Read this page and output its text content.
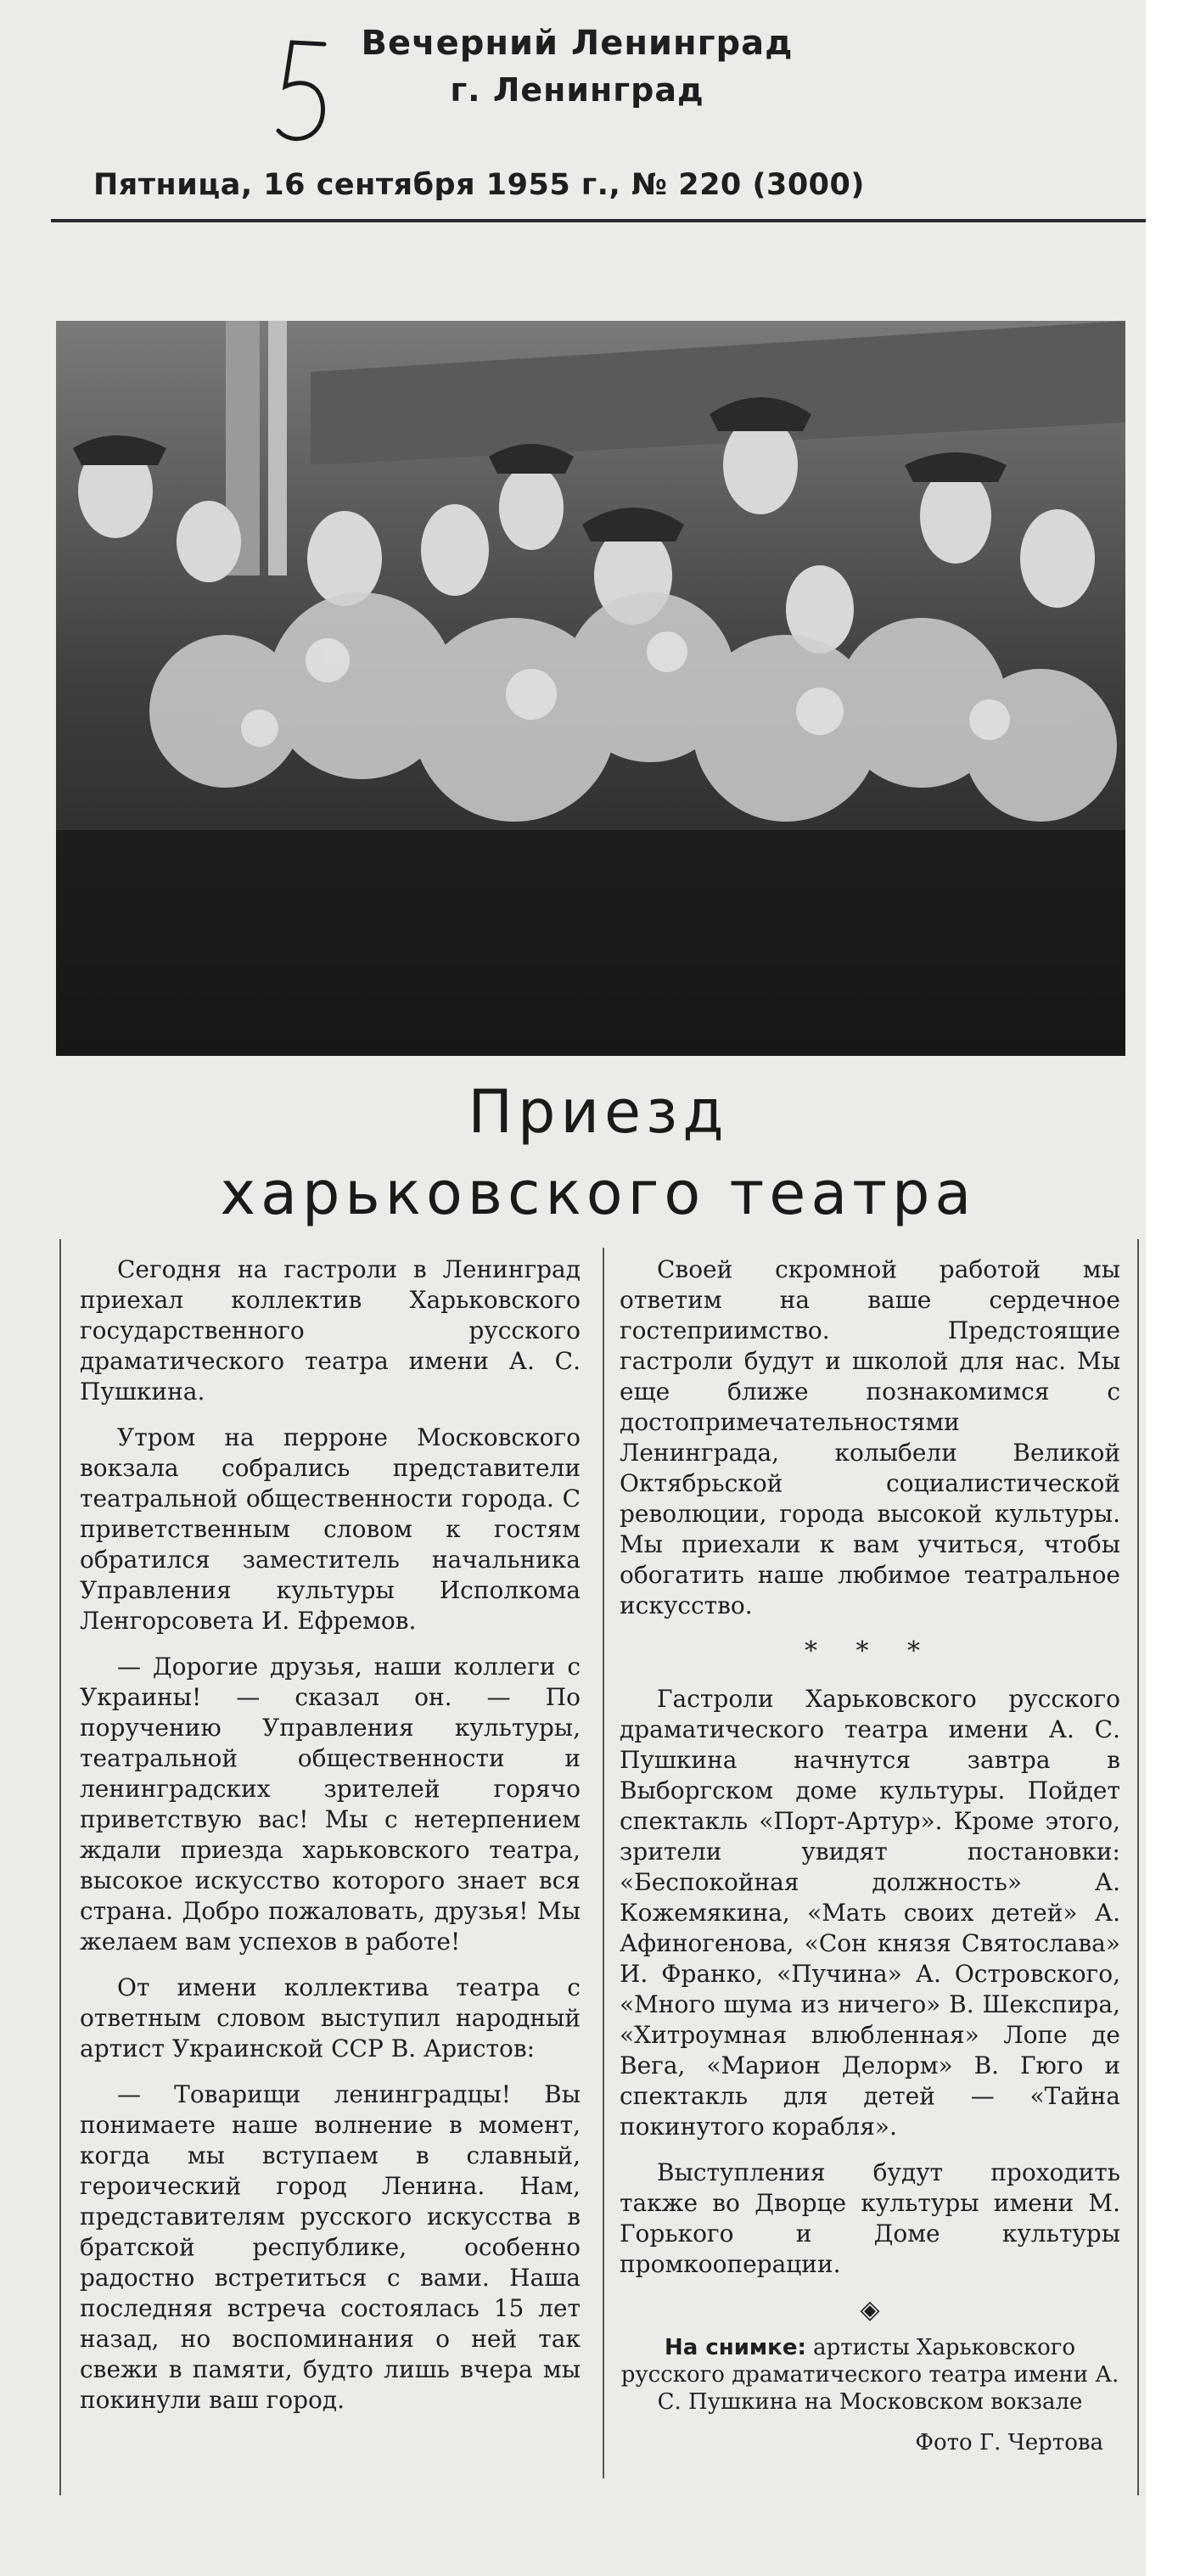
Вечерний Ленинград
г. Ленинград
Пятница, 16 сентября 1955 г., № 220 (3000)
Приезд
харьковского театра

Сегодня на гастроли в Ленинград приехал коллектив Харьковского государственного русского драматического театра имени А. С. Пушкина.

Утром на перроне Московского вокзала собрались представители театральной общественности города. С приветственным словом к гостям обратился заместитель начальника Управления культуры Исполкома Ленгорсовета И. Ефремов.

— Дорогие друзья, наши коллеги с Украины! — сказал он. — По поручению Управления культуры, театральной общественности и ленинградских зрителей горячо приветствую вас! Мы с нетерпением ждали приезда харьковского театра, высокое искусство которого знает вся страна. Добро пожаловать, друзья! Мы желаем вам успехов в работе!

От имени коллектива театра с ответным словом выступил народный артист Украинской ССР В. Аристов:

— Товарищи ленинградцы! Вы понимаете наше волнение в момент, когда мы вступаем в славный, героический город Ленина. Нам, представителям русского искусства в братской республике, особенно радостно встретиться с вами. Наша последняя встреча состоялась 15 лет назад, но воспоминания о ней так свежи в памяти, будто лишь вчера мы покинули ваш город.

Своей скромной работой мы ответим на ваше сердечное гостеприимство. Предстоящие гастроли будут и школой для нас. Мы еще ближе познакомимся с достопримечательностями Ленинграда, колыбели Великой Октябрьской социалистической революции, города высокой культуры. Мы приехали к вам учиться, чтобы обогатить наше любимое театральное искусство.

* * *

Гастроли Харьковского русского драматического театра имени А. С. Пушкина начнутся завтра в Выборгском доме культуры. Пойдет спектакль «Порт-Артур». Кроме этого, зрители увидят постановки: «Беспокойная должность» А. Кожемякина, «Мать своих детей» А. Афиногенова, «Сон князя Святослава» И. Франко, «Пучина» А. Островского, «Много шума из ничего» В. Шекспира, «Хитроумная влюбленная» Лопе де Вега, «Марион Делорм» В. Гюго и спектакль для детей — «Тайна покинутого корабля».

Выступления будут проходить также во Дворце культуры имени М. Горького и Доме культуры промкооперации.

◈
На снимке: артисты Харьковского русского драматического театра имени А. С. Пушкина на Московском вокзале
Фото Г. Чертова
